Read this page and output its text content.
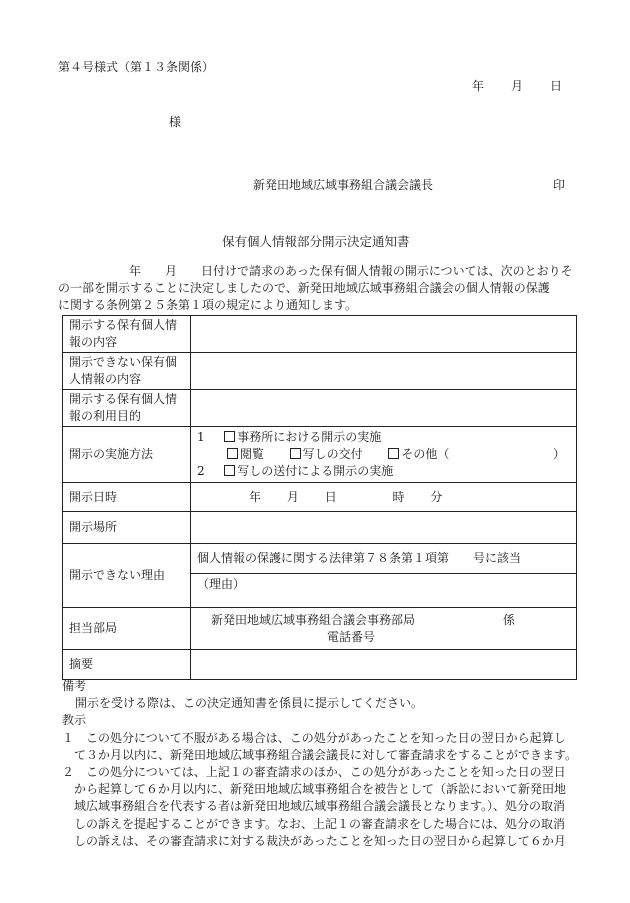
第４号様式（第１３条関係）
年 月 日
様
新発田地域広域事務組合議会議長	印
保有個人情報部分開示決定通知書
　　年　　月　　日付けで請求のあった保有個人情報の開示については、次のとおりそ
の一部を開示することに決定しましたので、新発田地域広域事務組合議会の個人情報の保護
に関する条例第２５条第１項の規定により通知します。
開示する保有個人情
報の内容	
開示できない保有個
人情報の内容	
開示する保有個人情
報の利用目的	
開示の実施方法	1 事務所における開示の実施
閲覧 写しの交付 その他（ ）
2 写しの送付による開示の実施

開示日時	年 月 日 時 分
開示場所	
開示できない理由	個人情報の保護に関する法律第７８条第１項第　　号に該当
	（理由）
担当部局	新発田地域広域事務組合議会事務部局 係
電話番号

摘要	
備考
開示を受ける際は、この決定通知書を係員に提示してください。
教示
１　この処分について不服がある場合は、この処分があったことを知った日の翌日から起算し
　て３か月以内に、新発田地域広域事務組合議会議長に対して審査請求をすることができます。
２　この処分については、上記１の審査請求のほか、この処分があったことを知った日の翌日
　から起算して６か月以内に、新発田地域広域事務組合を被告として（訴訟において新発田地
　域広域事務組合を代表する者は新発田地域広域事務組合議会議長となります。）、処分の取消
　しの訴えを提起することができます。なお、上記１の審査請求をした場合には、処分の取消
　しの訴えは、その審査請求に対する裁決があったことを知った日の翌日から起算して６か月
